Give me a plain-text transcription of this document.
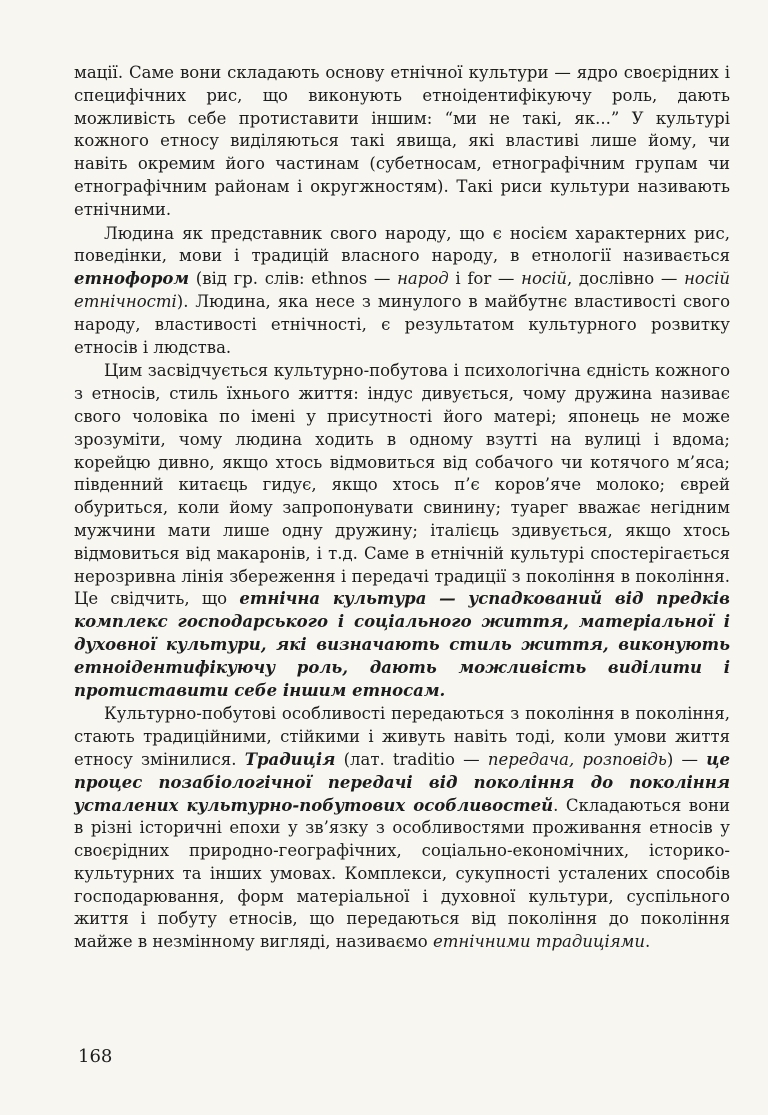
мації. Саме вони складають основу етнічної культури — ядро своєрідних і специфічних рис, що виконують етноідентифікуючу роль, дають можливість себе протиставити іншим: “ми не такі, як...” У культурі кожного етносу виділяються такі явища, які властиві лише йому, чи навіть окремим його частинам (субетносам, етнографічним групам чи етнографічним районам і округжностям). Такі риси культури називають етнічними.

Людина як представник свого народу, що є носієм характерних рис, поведінки, мови і традицій власного народу, в етнології називається етнофором (від гр. слів: ethnos — народ і for — носій, дослівно — носій етнічності). Людина, яка несе з минулого в майбутнє властивості свого народу, властивості етнічності, є результатом культурного розвитку етносів і людства.

Цим засвідчується культурно-побутова і психологічна єдність кожного з етносів, стиль їхнього життя: індус дивується, чому дружина називає свого чоловіка по імені у присутності його матері; японець не може зрозуміти, чому людина ходить в одному взутті на вулиці і вдома; корейцю дивно, якщо хтось відмовиться від собачого чи котячого м’яса; південний китаєць гидує, якщо хтось п’є коров’яче молоко; єврей обуриться, коли йому запропонувати свинину; туарег вважає негідним мужчини мати лише одну дружину; італієць здивується, якщо хтось відмовиться від макаронів, і т.д. Саме в етнічній культурі спостерігається нерозривна лінія збереження і передачі традиції з покоління в покоління. Це свідчить, що етнічна культура — успадкований від предків комплекс господарського і соціального життя, матеріальної і духовної культури, які визначають стиль життя, виконують етноідентифікуючу роль, дають можливість виділити і протиставити себе іншим етносам.

Культурно-побутові особливості передаються з покоління в покоління, стають традиційними, стійкими і живуть навіть тоді, коли умови життя етносу змінилися. Традиція (лат. traditio — передача, розповідь) — це процес позабіологічної передачі від покоління до покоління усталених культурно-побутових особливостей. Складаються вони в різні історичні епохи у зв’язку з особливостями проживання етносів у своєрідних природно-географічних, соціально-економічних, історико-культурних та інших умовах. Комплекси, сукупності усталених способів господарювання, форм матеріальної і духовної культури, суспільного життя і побуту етносів, що передаються від покоління до покоління майже в незмінному вигляді, називаємо етнічними традиціями.

168
